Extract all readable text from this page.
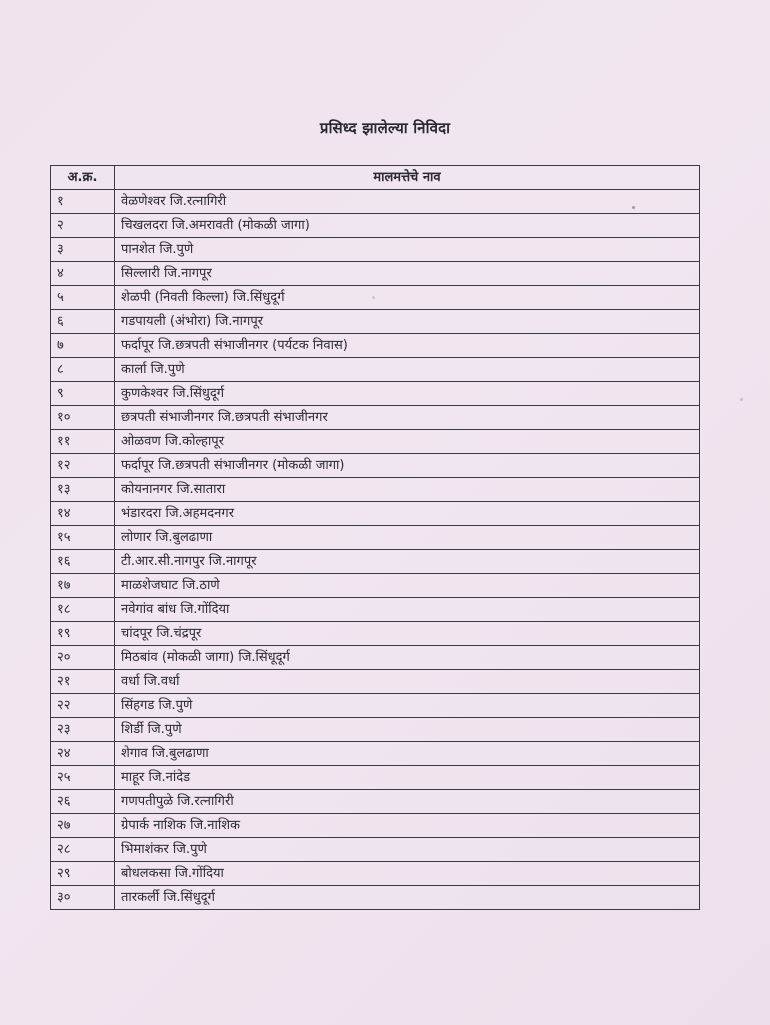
प्रसिध्द झालेल्या निविदा
अ.क्र.	मालमत्तेचे नाव
१	वेळणेश्वर जि.रत्नागिरी
२	चिखलदरा जि.अमरावती (मोकळी जागा)
३	पानशेत जि.पुणे
४	सिल्लारी जि.नागपूर
५	शेळपी (निवती किल्ला) जि.सिंधुदूर्ग
६	गडपायली (अंभोरा) जि.नागपूर
७	फर्दापूर जि.छत्रपती संभाजीनगर (पर्यटक निवास)
८	कार्ला जि.पुणे
९	कुणकेश्वर जि.सिंधुदूर्ग
१०	छत्रपती संभाजीनगर जि.छत्रपती संभाजीनगर
११	ओळवण जि.कोल्हापूर
१२	फर्दापूर जि.छत्रपती संभाजीनगर (मोकळी जागा)
१३	कोयनानगर जि.सातारा
१४	भंडारदरा जि.अहमदनगर
१५	लोणार जि.बुलढाणा
१६	टी.आर.सी.नागपुर जि.नागपूर
१७	माळशेजघाट जि.ठाणे
१८	नवेगांव बांध जि.गोंदिया
१९	चांदपूर जि.चंद्रपूर
२०	मिठबांव (मोकळी जागा) जि.सिंधूदूर्ग
२१	वर्धा जि.वर्धा
२२	सिंहगड जि.पुणे
२३	शिर्डी जि.पुणे
२४	शेगाव जि.बुलढाणा
२५	माहूर जि.नांदेड
२६	गणपतीपुळे जि.रत्नागिरी
२७	ग्रेपार्क नाशिक जि.नाशिक
२८	भिमाशंकर जि.पुणे
२९	बोधलकसा जि.गोंदिया
३०	तारकर्ली जि.सिंधुदूर्ग
